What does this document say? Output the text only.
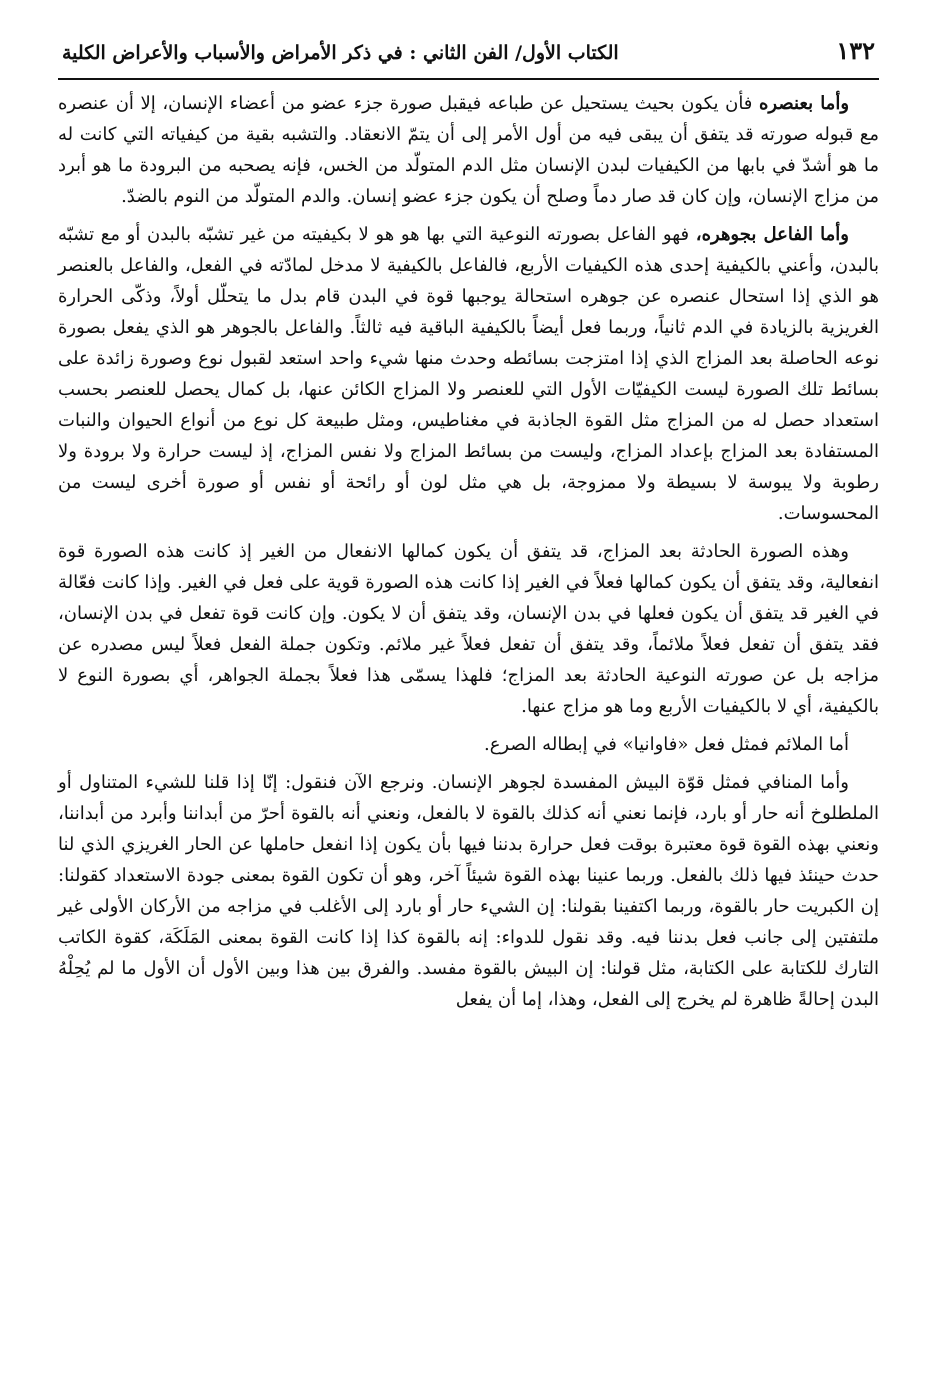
١٣٢
الكتاب الأول/ الفن الثاني : في ذكر الأمراض والأسباب والأعراض الكلية

وأما بعنصره فأن يكون بحيث يستحيل عن طباعه فيقبل صورة جزء عضو من أعضاء الإنسان، إلا أن عنصره مع قبوله صورته قد يتفق أن يبقى فيه من أول الأمر إلى أن يتمّ الانعقاد. والتشبه بقية من كيفياته التي كانت له ما هو أشدّ في بابها من الكيفيات لبدن الإنسان مثل الدم المتولّد من الخس، فإنه يصحبه من البرودة ما هو أبرد من مزاج الإنسان، وإن كان قد صار دماً وصلح أن يكون جزء عضو إنسان. والدم المتولّد من النوم بالضدّ.

وأما الفاعل بجوهره، فهو الفاعل بصورته النوعية التي بها هو هو لا بكيفيته من غير تشبّه بالبدن أو مع تشبّه بالبدن، وأعني بالكيفية إحدى هذه الكيفيات الأربع، فالفاعل بالكيفية لا مدخل لمادّته في الفعل، والفاعل بالعنصر هو الذي إذا استحال عنصره عن جوهره استحالة يوجبها قوة في البدن قام بدل ما يتحلّل أولاً، وذكّى الحرارة الغريزية بالزيادة في الدم ثانياً، وربما فعل أيضاً بالكيفية الباقية فيه ثالثاً. والفاعل بالجوهر هو الذي يفعل بصورة نوعه الحاصلة بعد المزاج الذي إذا امتزجت بسائطه وحدث منها شيء واحد استعد لقبول نوع وصورة زائدة على بسائط تلك الصورة ليست الكيفيّات الأول التي للعنصر ولا المزاج الكائن عنها، بل كمال يحصل للعنصر بحسب استعداد حصل له من المزاج مثل القوة الجاذبة في مغناطيس، ومثل طبيعة كل نوع من أنواع الحيوان والنبات المستفادة بعد المزاج بإعداد المزاج، وليست من بسائط المزاج ولا نفس المزاج، إذ ليست حرارة ولا برودة ولا رطوبة ولا يبوسة لا بسيطة ولا ممزوجة، بل هي مثل لون أو رائحة أو نفس أو صورة أخرى ليست من المحسوسات.

وهذه الصورة الحادثة بعد المزاج، قد يتفق أن يكون كمالها الانفعال من الغير إذ كانت هذه الصورة قوة انفعالية، وقد يتفق أن يكون كمالها فعلاً في الغير إذا كانت هذه الصورة قوية على فعل في الغير. وإذا كانت فعّالة في الغير قد يتفق أن يكون فعلها في بدن الإنسان، وقد يتفق أن لا يكون. وإن كانت قوة تفعل في بدن الإنسان، فقد يتفق أن تفعل فعلاً ملائماً، وقد يتفق أن تفعل فعلاً غير ملائم. وتكون جملة الفعل فعلاً ليس مصدره عن مزاجه بل عن صورته النوعية الحادثة بعد المزاج؛ فلهذا يسمّى هذا فعلاً بجملة الجواهر، أي بصورة النوع لا بالكيفية، أي لا بالكيفيات الأربع وما هو مزاج عنها.

أما الملائم فمثل فعل «فاوانيا» في إبطاله الصرع.

وأما المنافي فمثل قوّة البيش المفسدة لجوهر الإنسان. ونرجع الآن فنقول: إنّا إذا قلنا للشيء المتناول أو الملطلوخ أنه حار أو بارد، فإنما نعني أنه كذلك بالقوة لا بالفعل، ونعني أنه بالقوة أحرّ من أبداننا وأبرد من أبداننا، ونعني بهذه القوة قوة معتبرة بوقت فعل حرارة بدننا فيها بأن يكون إذا انفعل حاملها عن الحار الغريزي الذي لنا حدث حينئذ فيها ذلك بالفعل. وربما عنينا بهذه القوة شيئاً آخر، وهو أن تكون القوة بمعنى جودة الاستعداد كقولنا: إن الكبريت حار بالقوة، وربما اكتفينا بقولنا: إن الشيء حار أو بارد إلى الأغلب في مزاجه من الأركان الأولى غير ملتفتين إلى جانب فعل بدننا فيه. وقد نقول للدواء: إنه بالقوة كذا إذا كانت القوة بمعنى المَلَكَة، كقوة الكاتب التارك للكتابة على الكتابة، مثل قولنا: إن البيش بالقوة مفسد. والفرق بين هذا وبين الأول أن الأول ما لم يُحِلْهُ البدن إحالةً ظاهرة لم يخرج إلى الفعل، وهذا، إما أن يفعل
